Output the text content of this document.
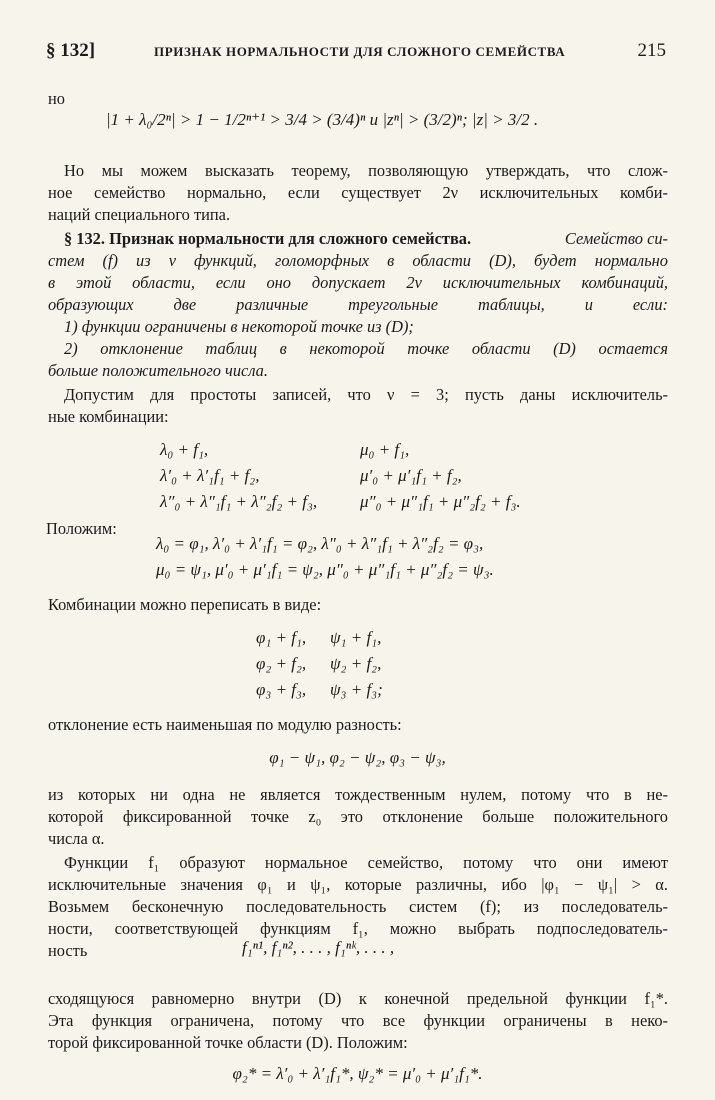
§ 132]	ПРИЗНАК НОРМАЛЬНОСТИ ДЛЯ СЛОЖНОГО СЕМЕЙСТВА	215
но
|1 + λ₀/2ⁿ| > 1 − 1/2ⁿ⁺¹ > 3/4 > (3/4)ⁿ и |zⁿ| > (3/2)ⁿ; |z| > 3/2 .
Но мы можем высказать теорему, позволяющую утверждать, что слож-
ное семейство нормально, если существует 2ν исключительных комби-
наций специального типа.
§ 132. Признак нормальности для сложного семейства.	Семейство си-
стем (f) из ν функций, голоморфных в области (D), будет нормально
в этой области, если оно допускает 2ν исключительных комбинаций,
образующих две различные треугольные таблицы, и если:
1) функции ограничены в некоторой точке из (D);
2) отклонение таблиц в некоторой точке области (D) остается
больше положительного числа.
Допустим для простоты записей, что ν = 3; пусть даны исключитель-
ные комбинации:
λ₀ + f₁,	μ₀ + f₁,
λ′₀ + λ′₁f₁ + f₂,	μ′₀ + μ′₁f₁ + f₂,
λ″₀ + λ″₁f₁ + λ″₂f₂ + f₃,	μ″₀ + μ″₁f₁ + μ″₂f₂ + f₃.
Положим:
λ₀ = φ₁, λ′₀ + λ′₁f₁ = φ₂, λ″₀ + λ″₁f₁ + λ″₂f₂ = φ₃,
μ₀ = ψ₁, μ′₀ + μ′₁f₁ = ψ₂, μ″₀ + μ″₁f₁ + μ″₂f₂ = ψ₃.
Комбинации можно переписать в виде:
φ₁ + f₁, ψ₁ + f₁,
φ₂ + f₂, ψ₂ + f₂,
φ₃ + f₃, ψ₃ + f₃;
отклонение есть наименьшая по модулю разность:
φ₁ − ψ₁, φ₂ − ψ₂, φ₃ − ψ₃,
из которых ни одна не является тождественным нулем, потому что в не-
которой фиксированной точке z₀ это отклонение больше положительного
числа α.
Функции f₁ образуют нормальное семейство, потому что они имеют
исключительные значения φ₁ и ψ₁, которые различны, ибо |φ₁ − ψ₁| > α.
Возьмем бесконечную последовательность систем (f); из последователь-
ности, соответствующей функциям f₁, можно выбрать подпоследователь-
ность	f₁ⁿ¹, f₁ⁿ², . . . , f₁ⁿᵏ, . . . ,
сходящуюся равномерно внутри (D) к конечной предельной функции f₁*.
Эта функция ограничена, потому что все функции ограничены в неко-
торой фиксированной точке области (D). Положим:
φ₂* = λ′₀ + λ′₁f₁*, ψ₂* = μ′₀ + μ′₁f₁*.
